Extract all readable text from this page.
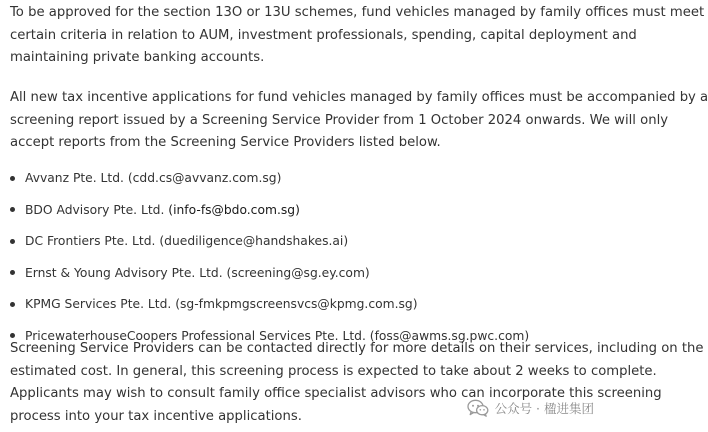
To be approved for the section 13O or 13U schemes, fund vehicles managed by family offices must meet
certain criteria in relation to AUM, investment professionals, spending, capital deployment and
maintaining private banking accounts.

All new tax incentive applications for fund vehicles managed by family offices must be accompanied by a
screening report issued by a Screening Service Provider from 1 October 2024 onwards. We will only
accept reports from the Screening Service Providers listed below.

Avvanz Pte. Ltd. (cdd.cs@avvanz.com.sg)
BDO Advisory Pte. Ltd. (info-fs@bdo.com.sg)
DC Frontiers Pte. Ltd. (duediligence@handshakes.ai)
Ernst & Young Advisory Pte. Ltd. (screening@sg.ey.com)
KPMG Services Pte. Ltd. (sg-fmkpmgscreensvcs@kpmg.com.sg)
PricewaterhouseCoopers Professional Services Pte. Ltd. (foss@awms.sg.pwc.com)

Screening Service Providers can be contacted directly for more details on their services, including on the
estimated cost. In general, this screening process is expected to take about 2 weeks to complete.
Applicants may wish to consult family office specialist advisors who can incorporate this screening
process into your tax incentive applications.	公众号 · 楹进集团
